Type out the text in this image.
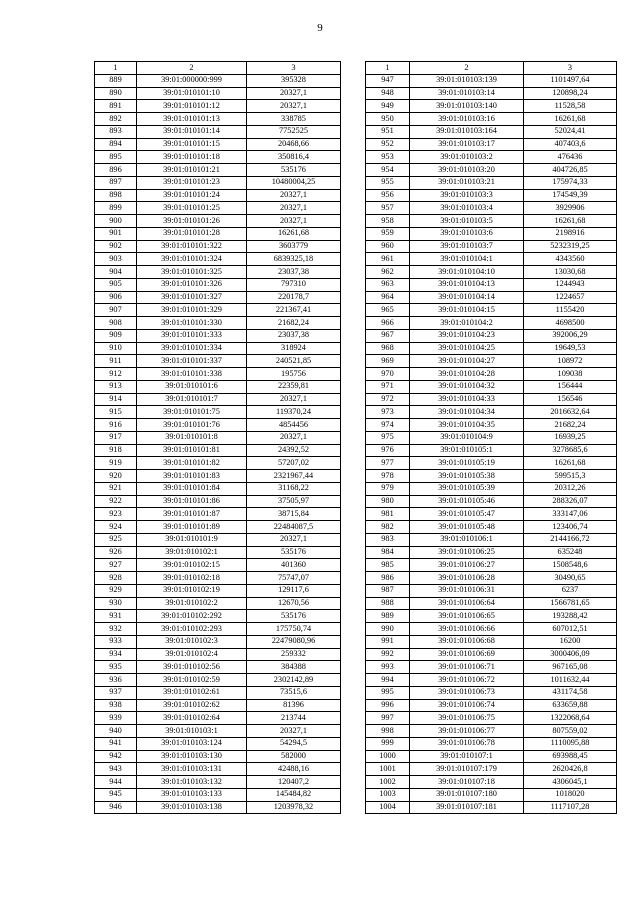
9
1	2	3
889	39:01:000000:999	395328
890	39:01:010101:10	20327,1
891	39:01:010101:12	20327,1
892	39:01:010101:13	338785
893	39:01:010101:14	7752525
894	39:01:010101:15	20468,66
895	39:01:010101:18	350816,4
896	39:01:010101:21	535176
897	39:01:010101:23	10480004,25
898	39:01:010101:24	20327,1
899	39:01:010101:25	20327,1
900	39:01:010101:26	20327,1
901	39:01:010101:28	16261,68
902	39:01:010101:322	3603779
903	39:01:010101:324	6839325,18
904	39:01:010101:325	23037,38
905	39:01:010101:326	797310
906	39:01:010101:327	220178,7
907	39:01:010101:329	221367,41
908	39:01:010101:330	21682,24
909	39:01:010101:333	23037,38
910	39:01:010101:334	318924
911	39:01:010101:337	240521,85
912	39:01:010101:338	195756
913	39:01:010101:6	22359,81
914	39:01:010101:7	20327,1
915	39:01:010101:75	119370,24
916	39:01:010101:76	4854456
917	39:01:010101:8	20327,1
918	39:01:010101:81	24392,52
919	39:01:010101:82	57207,02
920	39:01:010101:83	2321967,44
921	39:01:010101:84	31168,22
922	39:01:010101:86	37505,97
923	39:01:010101:87	38715,84
924	39:01:010101:89	22484087,5
925	39:01:010101:9	20327,1
926	39:01:010102:1	535176
927	39:01:010102:15	401360
928	39:01:010102:18	75747,07
929	39:01:010102:19	129117,6
930	39:01:010102:2	12670,56
931	39:01:010102:292	535176
932	39:01:010102:293	175750,74
933	39:01:010102:3	22479080,96
934	39:01:010102:4	259332
935	39:01:010102:56	384388
936	39:01:010102:59	2302142,89
937	39:01:010102:61	73515,6
938	39:01:010102:62	81396
939	39:01:010102:64	213744
940	39:01:010103:1	20327,1
941	39:01:010103:124	54294,5
942	39:01:010103:130	582000
943	39:01:010103:131	42488,16
944	39:01:010103:132	120407,2
945	39:01:010103:133	145484,82
946	39:01:010103:138	1203978,32
1	2	3
947	39:01:010103:139	1101497,64
948	39:01:010103:14	120898,24
949	39:01:010103:140	11528,58
950	39:01:010103:16	16261,68
951	39:01:010103:164	52024,41
952	39:01:010103:17	407403,6
953	39:01:010103:2	476436
954	39:01:010103:20	404726,85
955	39:01:010103:21	175974,33
956	39:01:010103:3	174549,39
957	39:01:010103:4	3929906
958	39:01:010103:5	16261,68
959	39:01:010103:6	2198916
960	39:01:010103:7	5232319,25
961	39:01:010104:1	4343560
962	39:01:010104:10	13030,68
963	39:01:010104:13	1244943
964	39:01:010104:14	1224657
965	39:01:010104:15	1155420
966	39:01:010104:2	4698500
967	39:01:010104:23	392006,29
968	39:01:010104:25	19649,53
969	39:01:010104:27	108972
970	39:01:010104:28	109038
971	39:01:010104:32	156444
972	39:01:010104:33	156546
973	39:01:010104:34	2016632,64
974	39:01:010104:35	21682,24
975	39:01:010104:9	16939,25
976	39:01:010105:1	3278685,6
977	39:01:010105:19	16261,68
978	39:01:010105:38	599515,3
979	39:01:010105:39	20312,26
980	39:01:010105:46	288326,07
981	39:01:010105:47	333147,06
982	39:01:010105:48	123406,74
983	39:01:010106:1	2144166,72
984	39:01:010106:25	635248
985	39:01:010106:27	1508548,6
986	39:01:010106:28	30490,65
987	39:01:010106:31	6237
988	39:01:010106:64	1566781,65
989	39:01:010106:65	193288,42
990	39:01:010106:66	607012,51
991	39:01:010106:68	16200
992	39:01:010106:69	3000406,09
993	39:01:010106:71	967165,08
994	39:01:010106:72	1011632,44
995	39:01:010106:73	431174,58
996	39:01:010106:74	633659,88
997	39:01:010106:75	1322068,64
998	39:01:010106:77	807559,02
999	39:01:010106:78	1110095,88
1000	39:01:010107:1	693988,45
1001	39:01:010107:179	2620426,8
1002	39:01:010107:18	4306045,1
1003	39:01:010107:180	1018020
1004	39:01:010107:181	1117107,28
